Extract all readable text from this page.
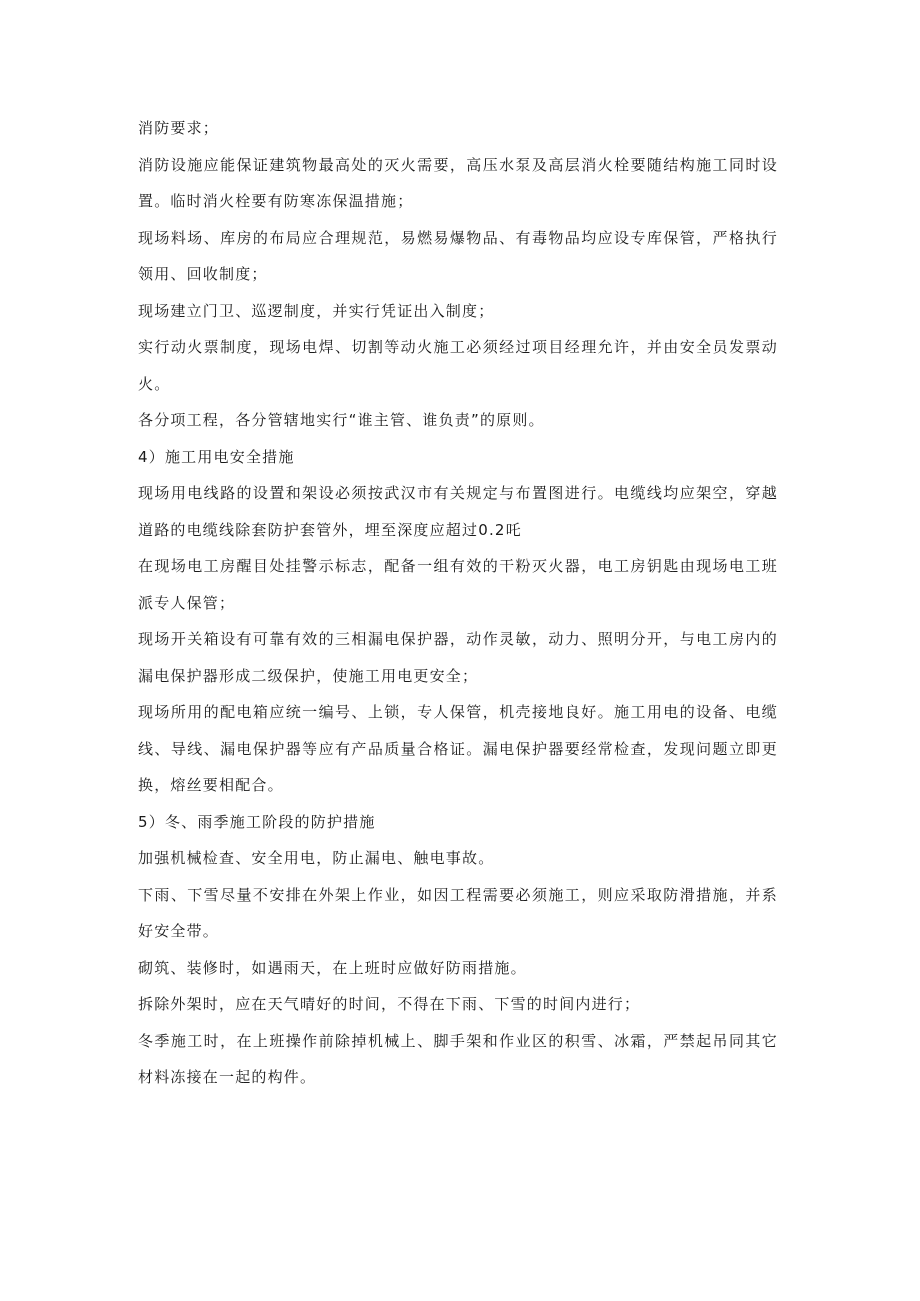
消防要求；

消防设施应能保证建筑物最高处的灭火需要，高压水泵及高层消火栓要随结构施工同时设置。临时消火栓要有防寒冻保温措施；

现场料场、库房的布局应合理规范，易燃易爆物品、有毒物品均应设专库保管，严格执行领用、回收制度；

现场建立门卫、巡逻制度，并实行凭证出入制度；

实行动火票制度，现场电焊、切割等动火施工必须经过项目经理允许，并由安全员发票动火。

各分项工程，各分管辖地实行“谁主管、谁负责”的原则。

4）施工用电安全措施

现场用电线路的设置和架设必须按武汉市有关规定与布置图进行。电缆线均应架空，穿越道路的电缆线除套防护套管外，埋至深度应超过0.2吒

在现场电工房醒目处挂警示标志，配备一组有效的干粉灭火器，电工房钥匙由现场电工班派专人保管；

现场开关箱设有可靠有效的三相漏电保护器，动作灵敏，动力、照明分开，与电工房内的漏电保护器形成二级保护，使施工用电更安全；

现场所用的配电箱应统一编号、上锁，专人保管，机壳接地良好。施工用电的设备、电缆线、导线、漏电保护器等应有产品质量合格证。漏电保护器要经常检查，发现问题立即更换，熔丝要相配合。

5）冬、雨季施工阶段的防护措施

加强机械检查、安全用电，防止漏电、触电事故。

下雨、下雪尽量不安排在外架上作业，如因工程需要必须施工，则应采取防滑措施，并系好安全带。

砌筑、装修时，如遇雨天，在上班时应做好防雨措施。

拆除外架时，应在天气晴好的时间，不得在下雨、下雪的时间内进行；

冬季施工时，在上班操作前除掉机械上、脚手架和作业区的积雪、冰霜，严禁起吊同其它材料冻接在一起的构件。
